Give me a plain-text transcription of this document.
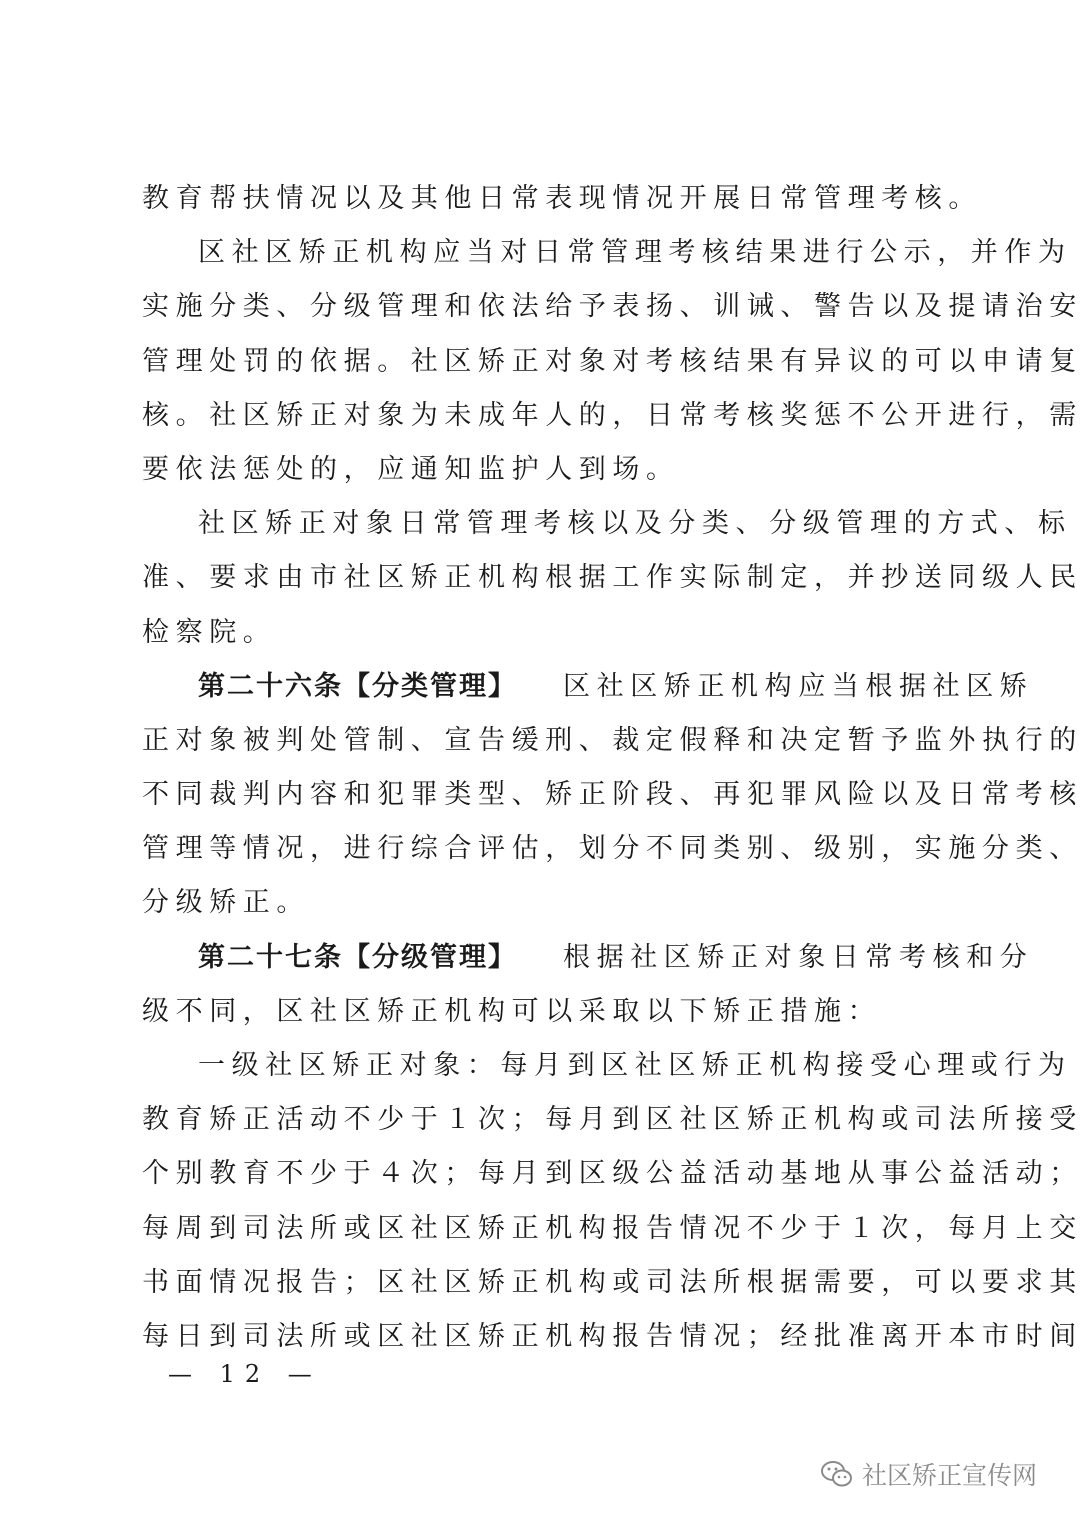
教育帮扶情况以及其他日常表现情况开展日常管理考核。
区社区矫正机构应当对日常管理考核结果进行公示，并作为
实施分类、分级管理和依法给予表扬、训诫、警告以及提请治安
管理处罚的依据。社区矫正对象对考核结果有异议的可以申请复
核。社区矫正对象为未成年人的，日常考核奖惩不公开进行，需
要依法惩处的，应通知监护人到场。
社区矫正对象日常管理考核以及分类、分级管理的方式、标
准、要求由市社区矫正机构根据工作实际制定，并抄送同级人民
检察院。
第二十六条【分类管理】 区社区矫正机构应当根据社区矫
正对象被判处管制、宣告缓刑、裁定假释和决定暂予监外执行的
不同裁判内容和犯罪类型、矫正阶段、再犯罪风险以及日常考核
管理等情况，进行综合评估，划分不同类别、级别，实施分类、
分级矫正。
第二十七条【分级管理】 根据社区矫正对象日常考核和分
级不同，区社区矫正机构可以采取以下矫正措施：
一级社区矫正对象：每月到区社区矫正机构接受心理或行为
教育矫正活动不少于１次；每月到区社区矫正机构或司法所接受
个别教育不少于４次；每月到区级公益活动基地从事公益活动；
每周到司法所或区社区矫正机构报告情况不少于１次，每月上交
书面情况报告；区社区矫正机构或司法所根据需要，可以要求其
每日到司法所或区社区矫正机构报告情况；经批准离开本市时间
— 12 —
社区矫正宣传网
